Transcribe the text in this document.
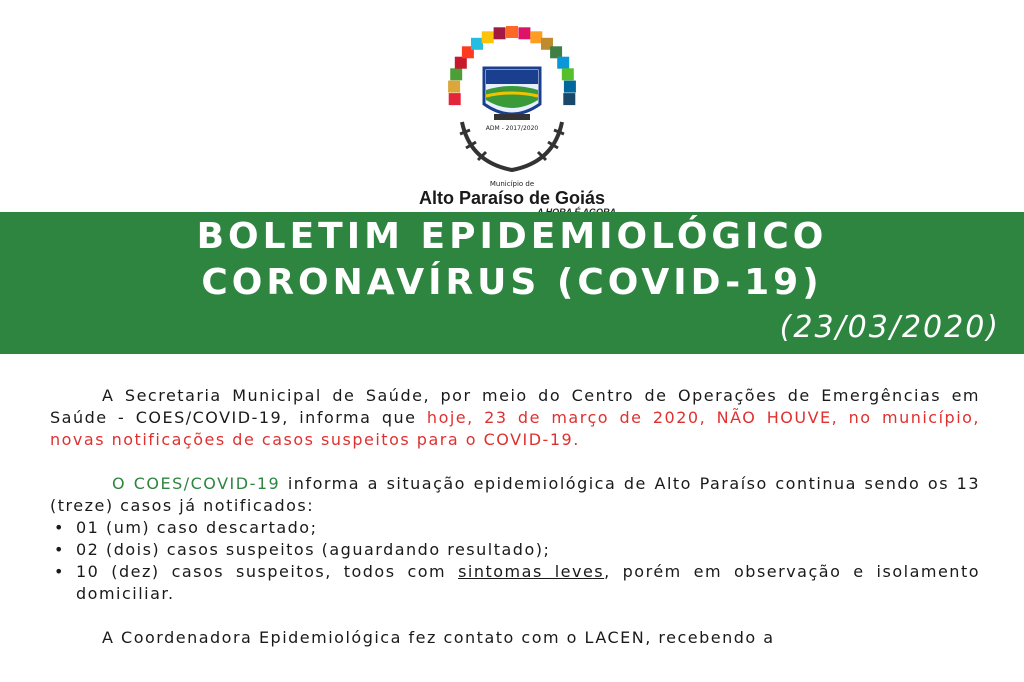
ADM - 2017/2020
Município de
Alto Paraíso de Goiás
BOLETIM EPIDEMIOLÓGICO
CORONAVÍRUS (COVID-19)
(23/03/2020)

A Secretaria Municipal de Saúde, por meio do Centro de Operações de Emergências em Saúde - COES/COVID-19, informa que hoje, 23 de março de 2020, NÃO HOUVE, no município, novas notificações de casos suspeitos para o COVID-19.

O COES/COVID-19 informa a situação epidemiológica de Alto Paraíso continua sendo os 13 (treze) casos já notificados:

• 01 (um) caso descartado;
• 02 (dois) casos suspeitos (aguardando resultado);
• 10 (dez) casos suspeitos, todos com sintomas leves, porém em observação e isolamento domiciliar.

A Coordenadora Epidemiológica fez contato com o LACEN, recebendo a
